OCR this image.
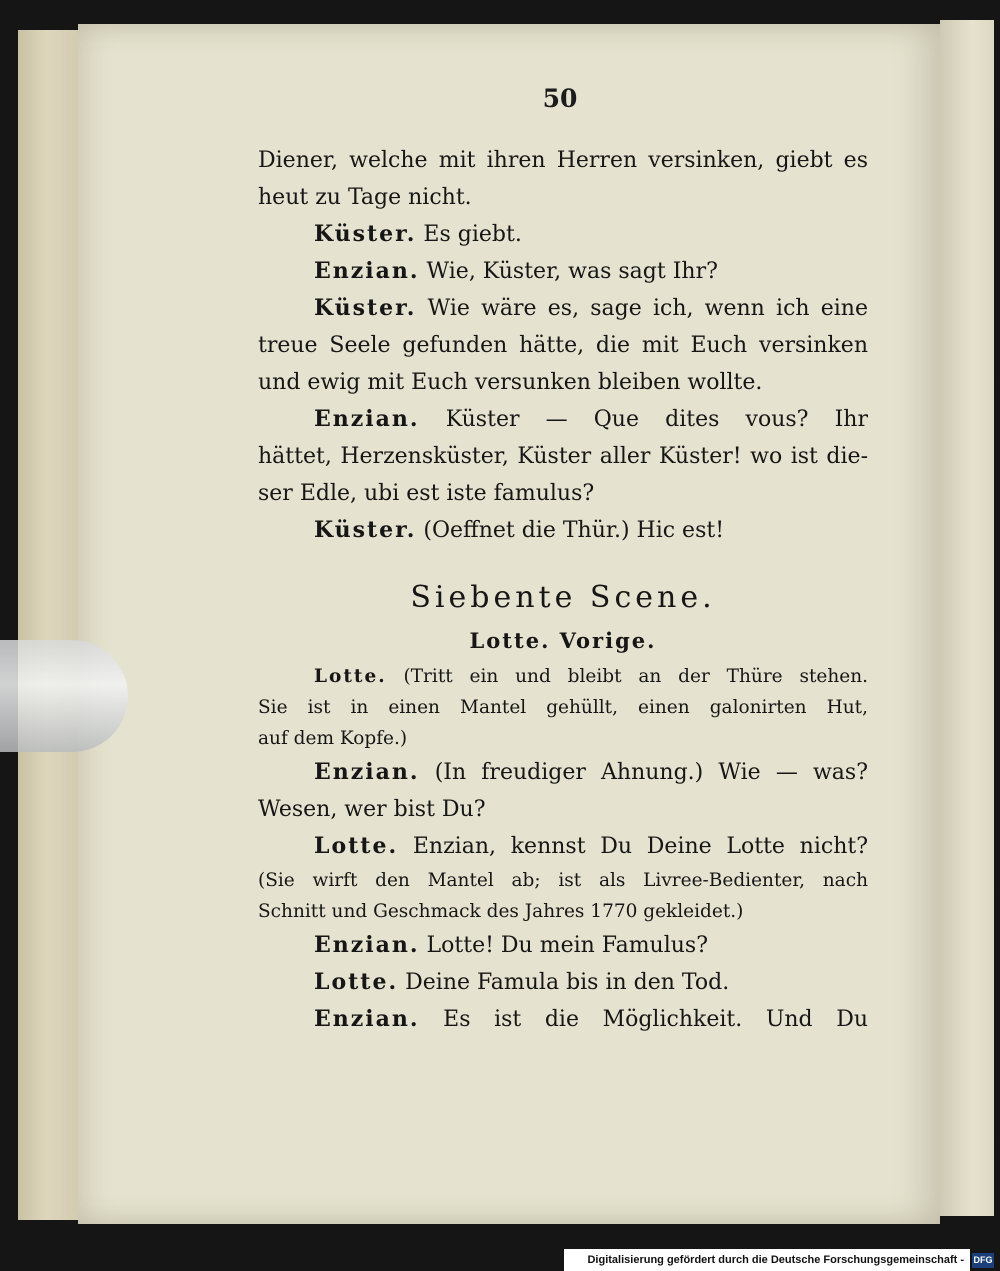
50
Diener, welche mit ihren Herren versinken, giebt es
heut zu Tage nicht.
Küster. Es giebt.
Enzian. Wie, Küster, was sagt Ihr?
Küster. Wie wäre es, sage ich, wenn ich eine
treue Seele gefunden hätte, die mit Euch versinken
und ewig mit Euch versunken bleiben wollte.
Enzian. Küster — Que dites vous? Ihr
hättet, Herzensküster, Küster aller Küster! wo ist die-
ser Edle, ubi est iste famulus?
Küster. (Oeffnet die Thür.) Hic est!
Siebente Scene.
Lotte. Vorige.
Lotte. (Tritt ein und bleibt an der Thüre stehen.
Sie ist in einen Mantel gehüllt, einen galonirten Hut,
auf dem Kopfe.)
Enzian. (In freudiger Ahnung.) Wie — was?
Wesen, wer bist Du?
Lotte. Enzian, kennst Du Deine Lotte nicht?
(Sie wirft den Mantel ab; ist als Livree-Bedienter, nach
Schnitt und Geschmack des Jahres 1770 gekleidet.)
Enzian. Lotte! Du mein Famulus?
Lotte. Deine Famula bis in den Tod.
Enzian. Es ist die Möglichkeit. Und Du
Digitalisierung gefördert durch die Deutsche Forschungsgemeinschaft -	DFG
